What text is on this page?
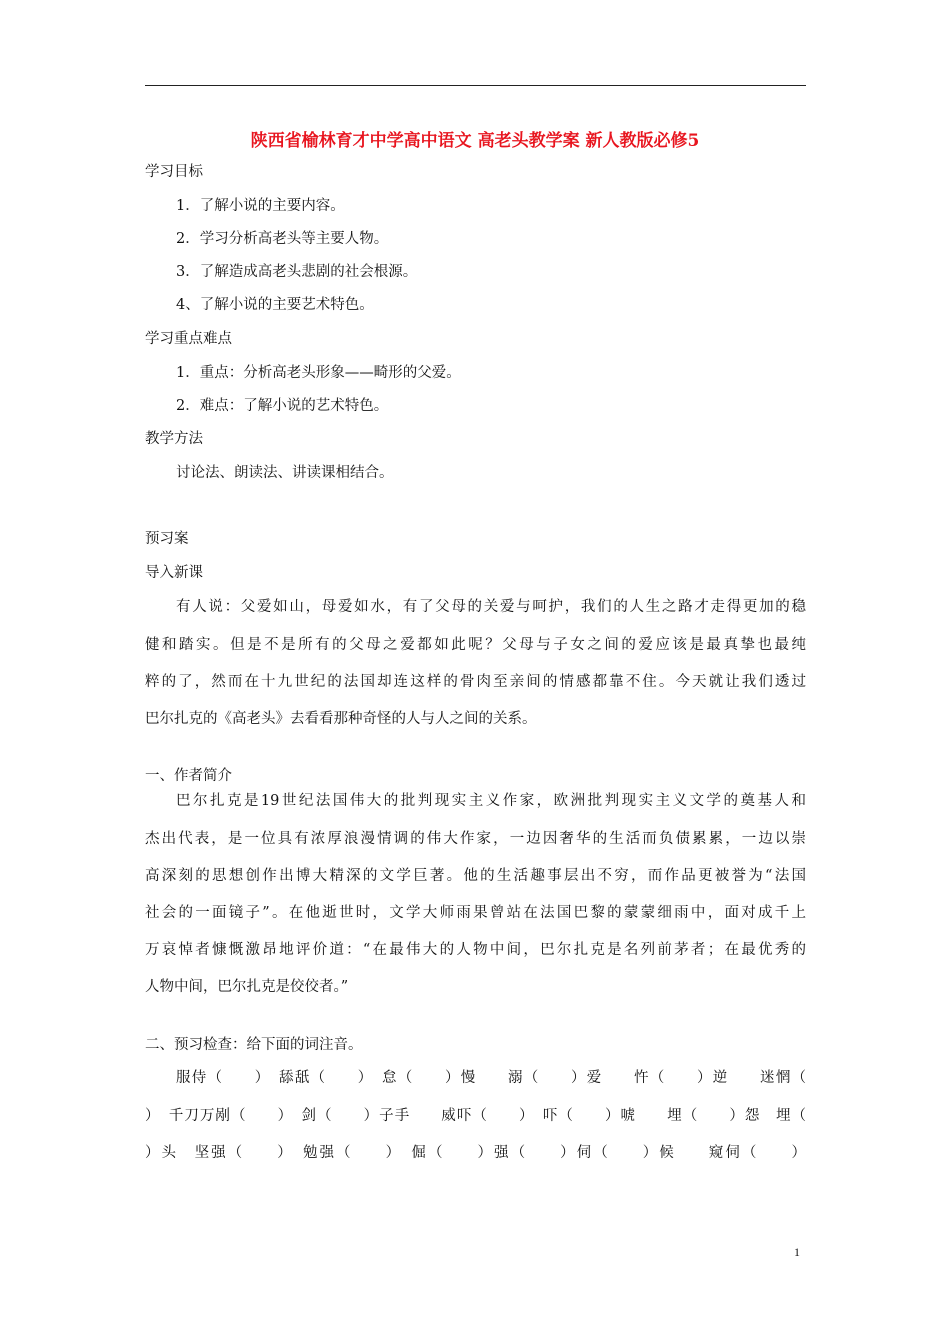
陕西省榆林育才中学高中语文 高老头教学案 新人教版必修5
学习目标
1．了解小说的主要内容。
2．学习分析高老头等主要人物。
3．了解造成高老头悲剧的社会根源。
4、了解小说的主要艺术特色。
学习重点难点
1．重点：分析高老头形象——畸形的父爱。
2．难点：了解小说的艺术特色。
教学方法
讨论法、朗读法、讲读课相结合。
预习案
导入新课
有人说：父爱如山，母爱如水，有了父母的关爱与呵护，我们的人生之路才走得更加的稳
健和踏实。但是不是所有的父母之爱都如此呢？父母与子女之间的爱应该是最真挚也最纯
粹的了，然而在十九世纪的法国却连这样的骨肉至亲间的情感都靠不住。今天就让我们透过
巴尔扎克的《高老头》去看看那种奇怪的人与人之间的关系。
一、作者简介
巴尔扎克是19世纪法国伟大的批判现实主义作家，欧洲批判现实主义文学的奠基人和
杰出代表，是一位具有浓厚浪漫情调的伟大作家，一边因奢华的生活而负债累累，一边以崇
高深刻的思想创作出博大精深的文学巨著。他的生活趣事层出不穷，而作品更被誉为“法国
社会的一面镜子”。在他逝世时，文学大师雨果曾站在法国巴黎的蒙蒙细雨中，面对成千上
万哀悼者慷慨激昂地评价道：“在最伟大的人物中间，巴尔扎克是名列前茅者；在最优秀的
人物中间，巴尔扎克是佼佼者。”
二、预习检查：给下面的词注音。
服侍（　　）　舔舐（　　）　怠（　　）慢　　溺（　　）爱　　忤（　　）逆　　迷惘（
）　千刀万剐（　　）　剑（　　）子手　　威吓（　　）　吓（　　）唬　　埋（　　）怨　埋（
）头　坚强（　　）　勉强（　　）　倔（　　）强（　　）伺（　　）候　　窥伺（　　）
1
